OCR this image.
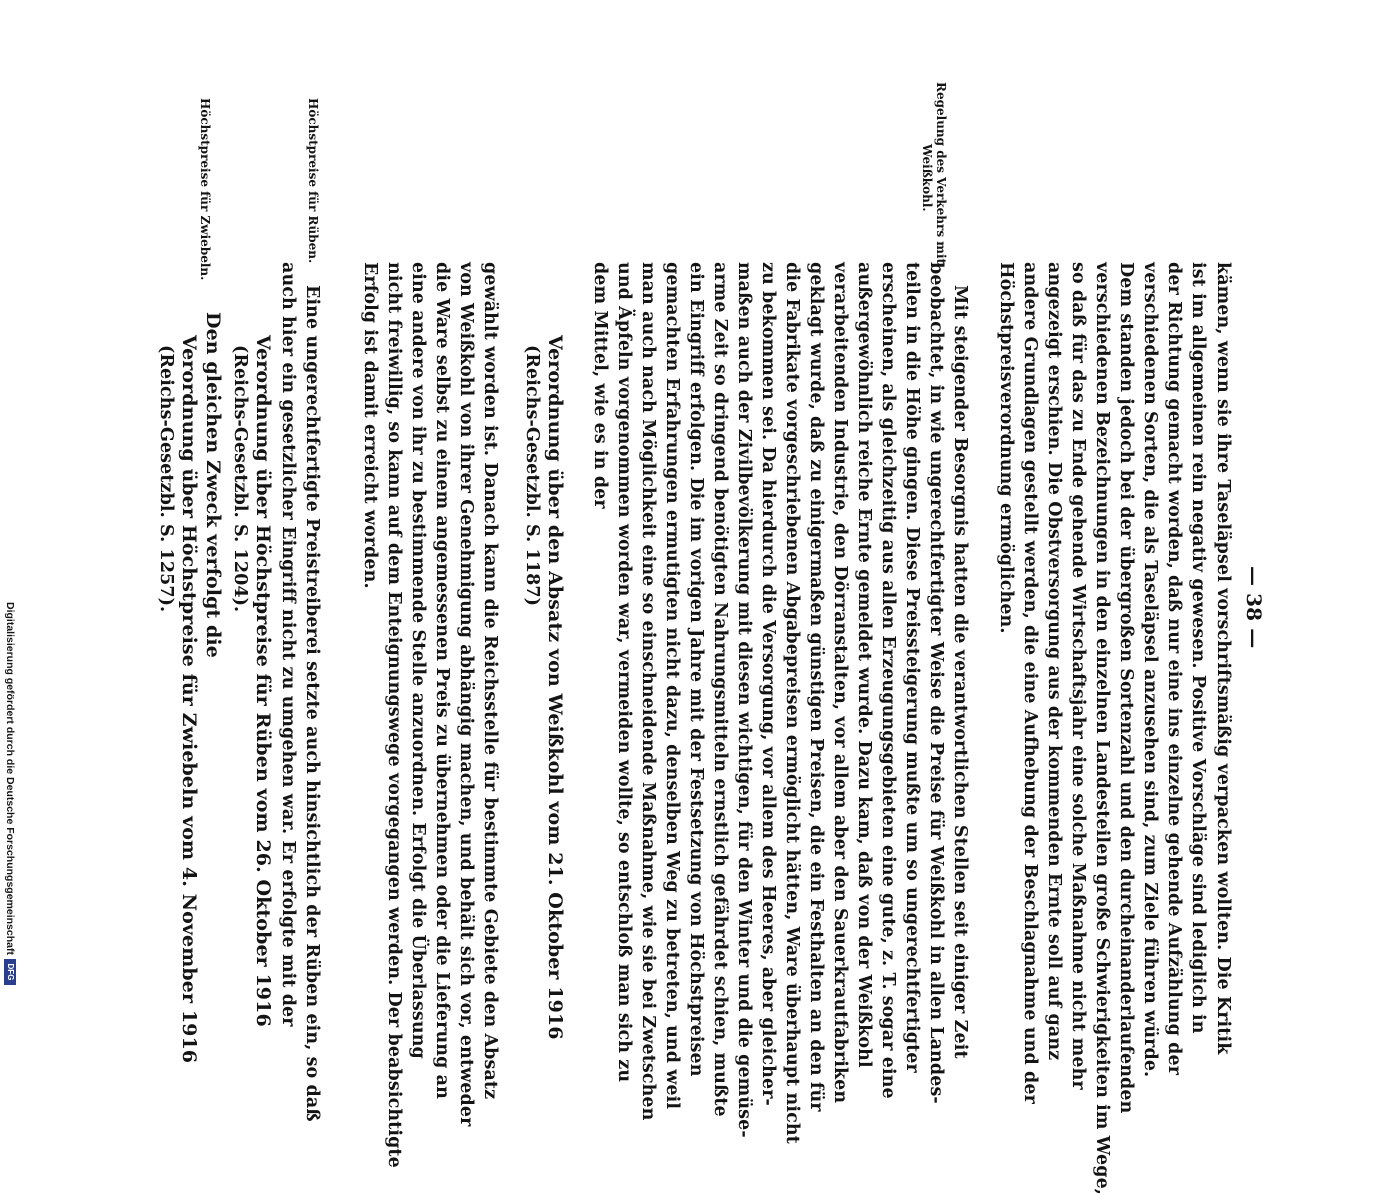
— 38 —
kämen, wenn sie ihre Taseläpsel vorschriftsmäßig verpacken wollten. Die Kritik
ist im allgemeinen rein negativ gewesen. Positive Vorschläge sind lediglich in
der Richtung gemacht worden, daß nur eine ins einzelne gehende Aufzählung der
verschiedenen Sorten, die als Taseläpsel anzusehen sind, zum Ziele führen würde.
Dem standen jedoch bei der übergroßen Sortenzahl und den durcheinanderlaufenden
verschiedenen Bezeichnungen in den einzelnen Landesteilen große Schwierigkeiten im Wege,
so daß für das zu Ende gehende Wirtschaftsjahr eine solche Maßnahme nicht mehr
angezeigt erschien. Die Obstversorgung aus der kommenden Ernte soll auf ganz
andere Grundlagen gestellt werden, die eine Aufhebung der Beschlagnahme und der
Höchstpreisverordnung ermöglichen.
Mit steigender Besorgnis hatten die verantwortlichen Stellen seit einiger Zeit
beobachtet, in wie ungerechtfertigter Weise die Preise für Weißkohl in allen Landes-
teilen in die Höhe gingen. Diese Preissteigerung mußte um so ungerechtfertigter
erscheinen, als gleichzeitig aus allen Erzeugungsgebieten eine gute, z. T. sogar eine
außergewöhnlich reiche Ernte gemeldet wurde. Dazu kam, daß von der Weißkohl
verarbeitenden Industrie, den Dörranstalten, vor allem aber den Sauerkrautfabriken
geklagt wurde, daß zu einigermaßen günstigen Preisen, die ein Festhalten an den für
die Fabrikate vorgeschriebenen Abgabepreisen ermöglicht hätten, Ware überhaupt nicht
zu bekommen sei. Da hierdurch die Versorgung, vor allem des Heeres, aber gleicher-
maßen auch der Zivilbevölkerung mit diesen wichtigen, für den Winter und die gemüse-
arme Zeit so dringend benötigten Nahrungsmitteln ernstlich gefährdet schien, mußte
ein Eingriff erfolgen. Die im vorigen Jahre mit der Festsetzung von Höchstpreisen
gemachten Erfahrungen ermutigten nicht dazu, denselben Weg zu betreten, und weil
man auch nach Möglichkeit eine so einschneidende Maßnahme, wie sie bei Zwetschen
und Äpfeln vorgenommen worden war, vermeiden wollte, so entschloß man sich zu
dem Mittel, wie es in der
Verordnung über den Absatz von Weißkohl vom 21. Oktober 1916
(Reichs-Gesetzbl. S. 1187)
gewählt worden ist. Danach kann die Reichsstelle für bestimmte Gebiete den Absatz
von Weißkohl von ihrer Genehmigung abhängig machen, und behält sich vor, entweder
die Ware selbst zu einem angemessenen Preis zu übernehmen oder die Lieferung an
eine andere von ihr zu bestimmende Stelle anzuordnen. Erfolgt die Überlassung
nicht freiwillig, so kann auf dem Enteignungswege vorgegangen werden. Der beabsichtigte
Erfolg ist damit erreicht worden.
Eine ungerechtfertigte Preistreiberei setzte auch hinsichtlich der Rüben ein, so daß
auch hier ein gesetzlicher Eingriff nicht zu umgehen war. Er erfolgte mit der
Verordnung über Höchstpreise für Rüben vom 26. Oktober 1916
(Reichs-Gesetzbl. S. 1204).
Den gleichen Zweck verfolgt die
Verordnung über Höchstpreise für Zwiebeln vom 4. November 1916
(Reichs-Gesetzbl. S. 1257).
Regelung des Verkehrs mit
Weißkohl.
Höchstpreise für Rüben.
Höchstpreise für Zwiebeln.
Digitalisierung gefördert durch die Deutsche ForschungsgemeinschaftDFG
